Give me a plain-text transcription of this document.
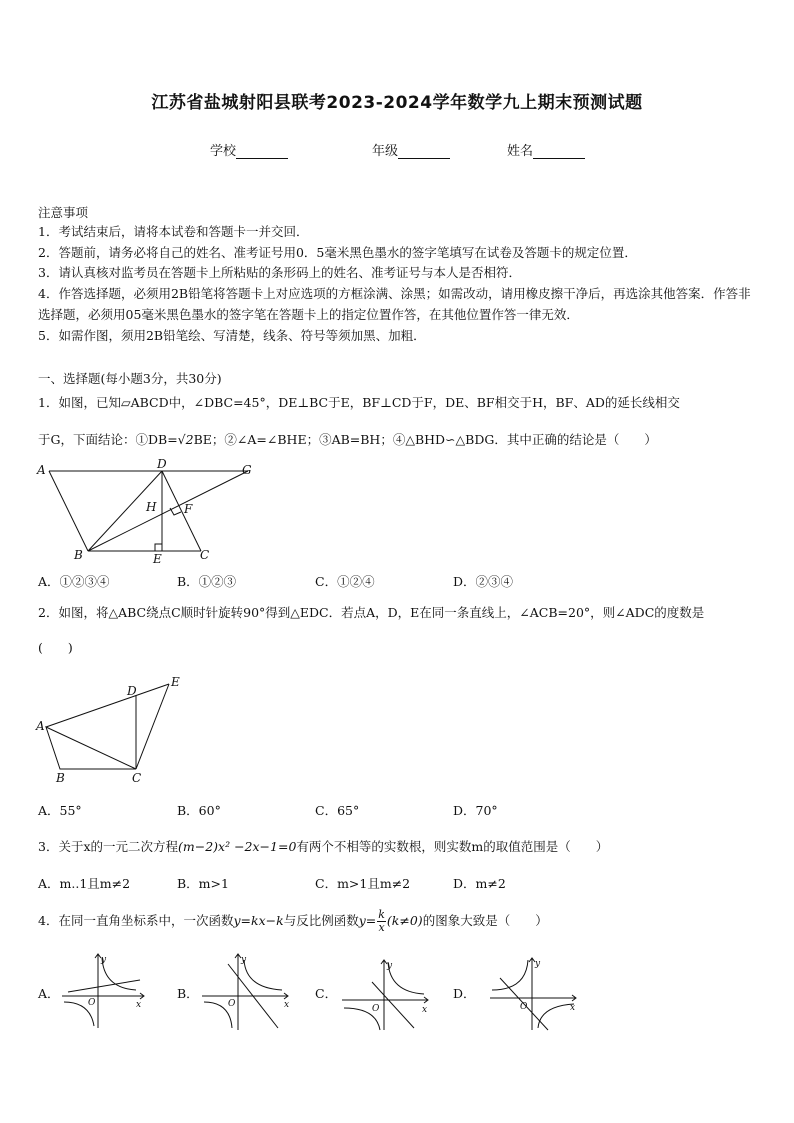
江苏省盐城射阳县联考2023-2024学年数学九上期末预测试题
学校	年级	姓名
注意事项
1．考试结束后，请将本试卷和答题卡一并交回．
2．答题前，请务必将自己的姓名、准考证号用0．5毫米黑色墨水的签字笔填写在试卷及答题卡的规定位置．
3．请认真核对监考员在答题卡上所粘贴的条形码上的姓名、准考证号与本人是否相符．
4．作答选择题，必须用2B铅笔将答题卡上对应选项的方框涂满、涂黑；如需改动，请用橡皮擦干净后，再选涂其他答案．作答非选择题，必须用05毫米黑色墨水的签字笔在答题卡上的指定位置作答，在其他位置作答一律无效．
5．如需作图，须用2B铅笔绘、写清楚，线条、符号等须加黑、加粗．
一、选择题(每小题3分，共30分)
1．如图，已知▱ABCD中，∠DBC=45°，DE⊥BC于E，BF⊥CD于F，DE、BF相交于H，BF、AD的延长线相交
于G，下面结论：①DB=√2BE；②∠A=∠BHE；③AB=BH；④△BHD∽△BDG．其中正确的结论是（　　）
A	D	G
H F
B	E	C
A．①②③④	B．①②③	C．①②④	D．②③④
2．如图，将△ABC绕点C顺时针旋转90°得到△EDC．若点A，D，E在同一条直线上，∠ACB=20°，则∠ADC的度数是
(　　)
A
B	C
D
E
A．55°	B．60°	C．65°	D．70°
3．关于x的一元二次方程(m−2)x² −2x−1=0有两个不相等的实数根，则实数m的取值范围是（　　）
A．m..1且m≠2	B．m>1	C．m>1且m≠2	D．m≠2
4．在同一直角坐标系中，一次函数y=kx−k与反比例函数$y= \frac{k}{x} (k\ne 0)$的图象大致是（　　）
A．
y
x
O
B．
y
x
O
C．
y
x
O
D．
y
x
O
